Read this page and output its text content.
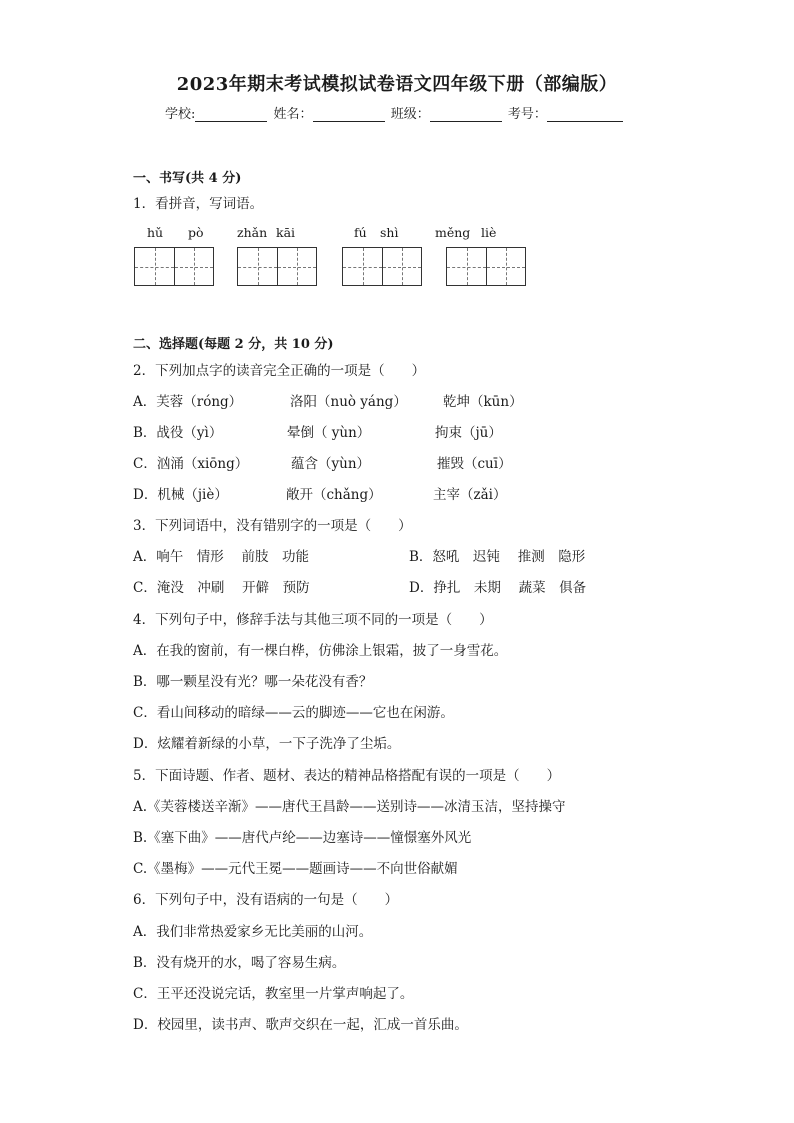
2023年期末考试模拟试卷语文四年级下册（部编版）
学校:	姓名：	班级：	考号：
一、书写(共 4 分)
1．看拼音，写词语。
hǔ pò	zhǎn kāi	fú shì	měng liè
二、选择题(每题 2 分，共 10 分)
2．下列加点字的读音完全正确的一项是（　　）
A．芙蓉（róng）	洛阳（nuò yáng）	乾坤（kūn）
B．战役（yì）	晕倒（ yùn）	拘束（jū）
C．汹涌（xiōng）	蕴含（yùn）	摧毁（cuī）
D．机械（jiè）	敞开（chǎng）	主宰（zǎi）
3．下列词语中，没有错别字的一项是（　　）
A．响午　情形　 前肢　功能	B．怒吼　迟钝　 推测　隐形
C．淹没　冲刷　 开僻　预防	D．挣扎　未期　 蔬菜　俱备
4．下列句子中，修辞手法与其他三项不同的一项是（　　）
A．在我的窗前，有一棵白桦，仿佛涂上银霜，披了一身雪花。
B．哪一颗星没有光？哪一朵花没有香？
C．看山间移动的暗绿——云的脚迹——它也在闲游。
D．炫耀着新绿的小草，一下子洗净了尘垢。
5．下面诗题、作者、题材、表达的精神品格搭配有误的一项是（　　）
A.《芙蓉楼送辛渐》——唐代王昌龄——送别诗——冰清玉洁，坚持操守
B.《塞下曲》——唐代卢纶——边塞诗——憧憬塞外风光
C.《墨梅》——元代王冕——题画诗——不向世俗献媚
6．下列句子中，没有语病的一句是（　　）
A．我们非常热爱家乡无比美丽的山河。
B．没有烧开的水，喝了容易生病。
C．王平还没说完话，教室里一片掌声响起了。
D．校园里，读书声、歌声交织在一起，汇成一首乐曲。
